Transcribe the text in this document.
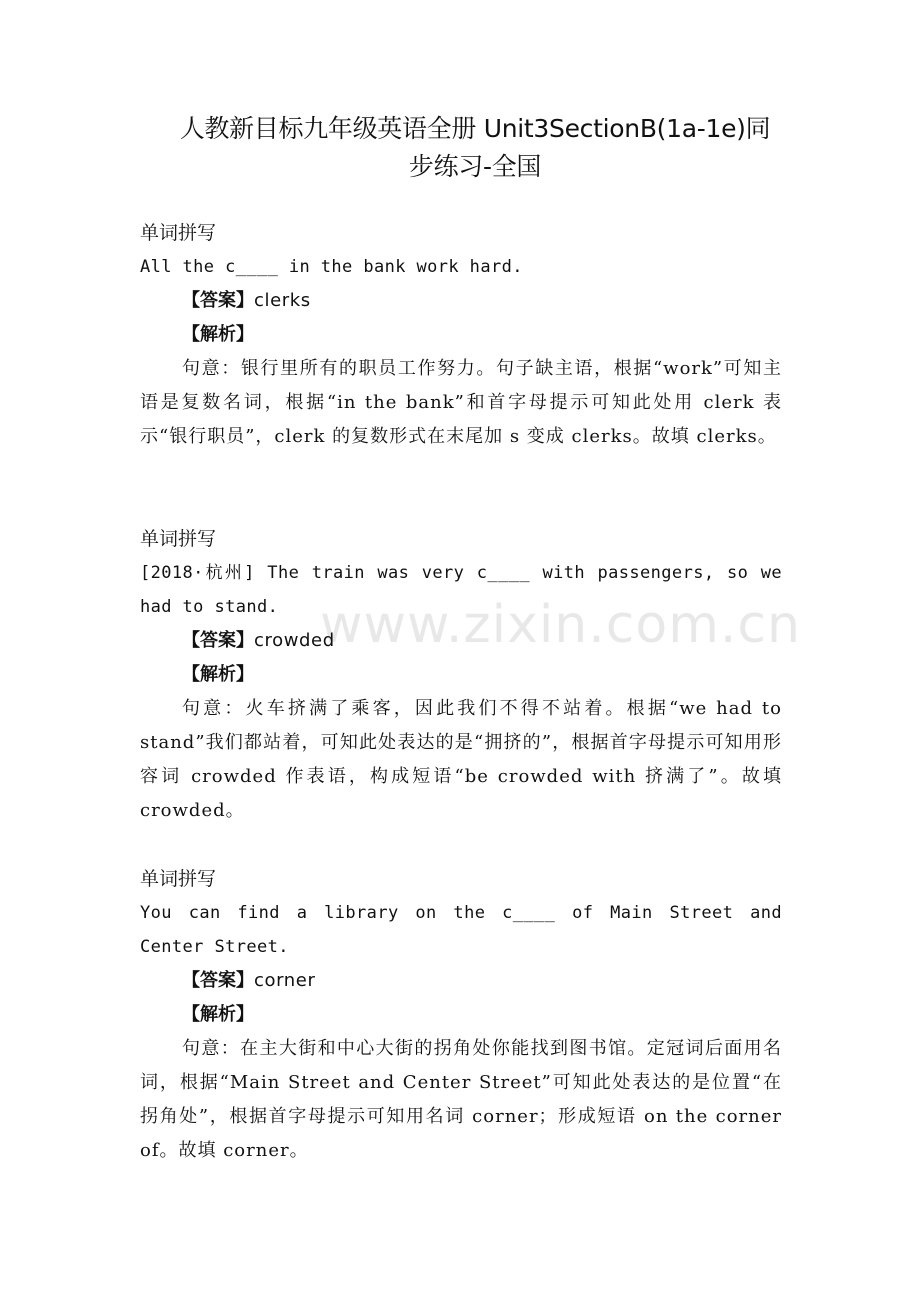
人教新目标九年级英语全册 Unit3SectionB(1a-1e)同
步练习-全国
www.zixin.com.cn
单词拼写
All the c____ in the bank work hard.
【答案】clerks
【解析】
句意：银行里所有的职员工作努力。句子缺主语，根据“work”可知主语是复数名词，根据“in the bank”和首字母提示可知此处用 clerk 表示“银行职员”，clerk 的复数形式在末尾加 s 变成 clerks。故填 clerks。
单词拼写
[2018·杭州] The train was very c____ with passengers, so we had to stand.
【答案】crowded
【解析】
句意：火车挤满了乘客，因此我们不得不站着。根据“we had to stand”我们都站着，可知此处表达的是“拥挤的”，根据首字母提示可知用形容词 crowded 作表语，构成短语“be crowded with 挤满了”。故填 crowded。
单词拼写
You can find a library on the c____ of Main Street and Center Street.
【答案】corner
【解析】
句意：在主大街和中心大街的拐角处你能找到图书馆。定冠词后面用名词，根据“Main Street and Center Street”可知此处表达的是位置“在拐角处”，根据首字母提示可知用名词 corner；形成短语 on the corner of。故填 corner。
